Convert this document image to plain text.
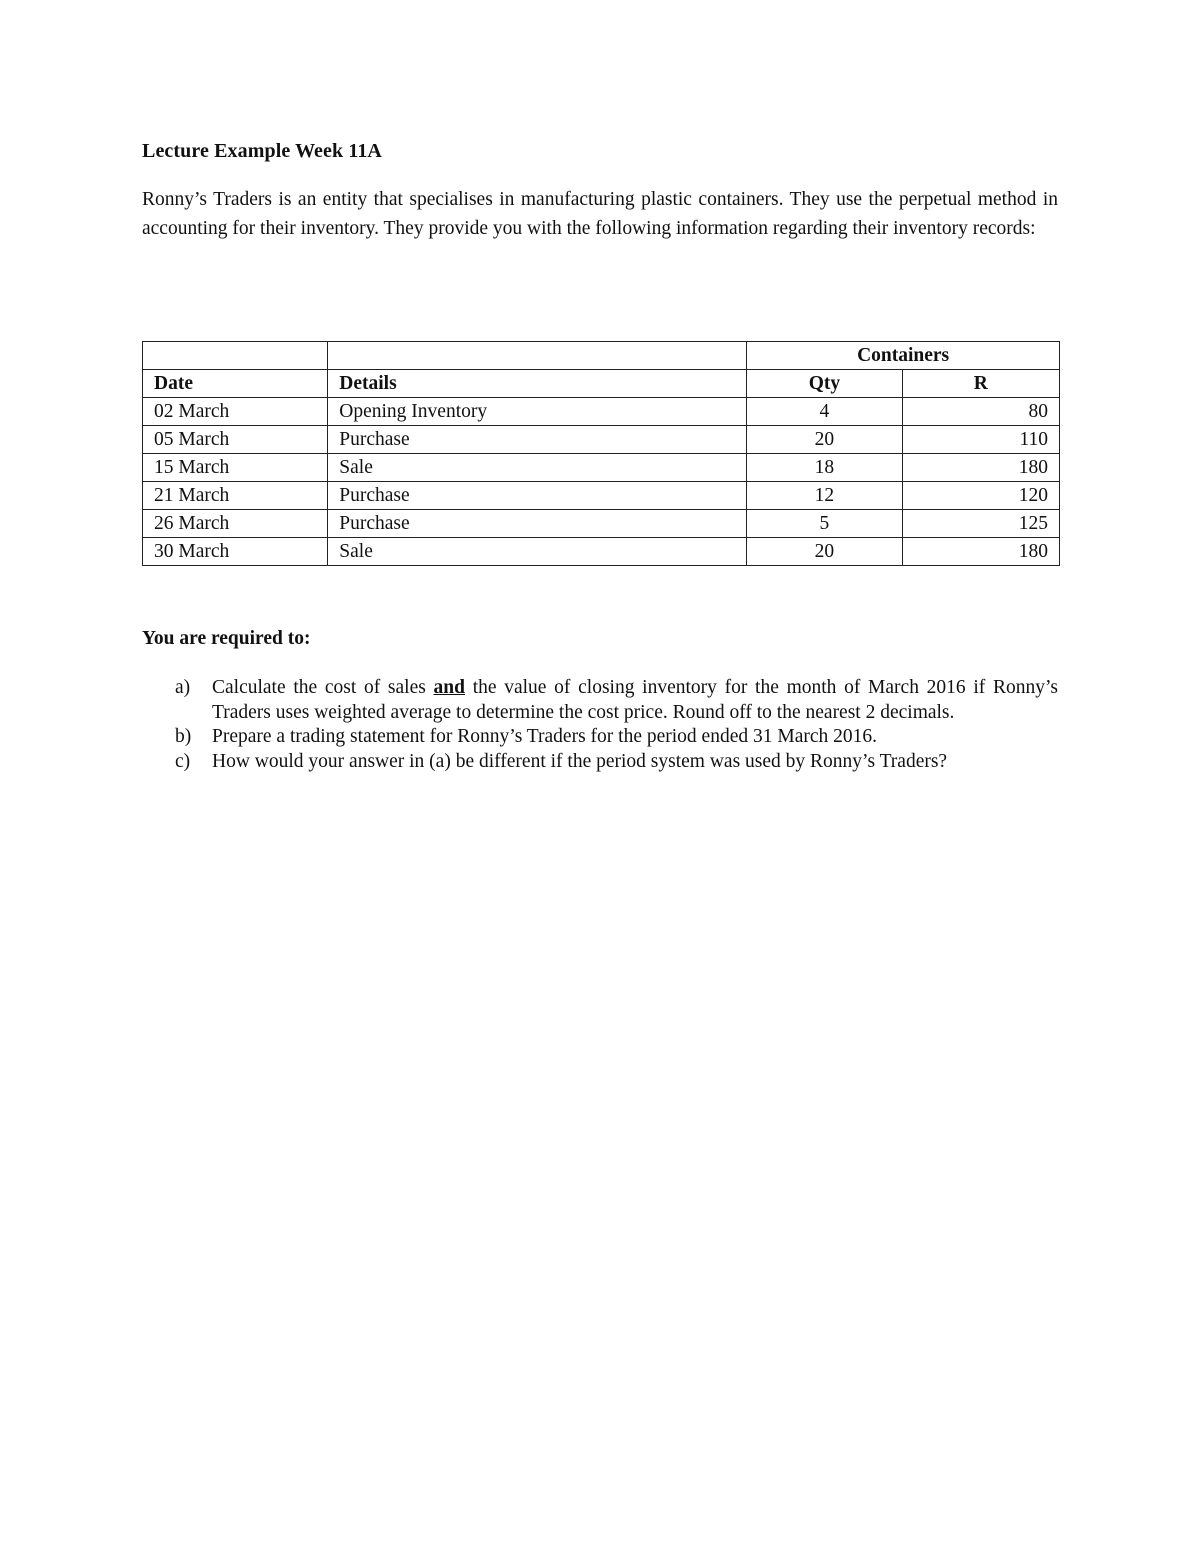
Lecture Example Week 11A

Ronny’s Traders is an entity that specialises in manufacturing plastic containers. They use the perpetual method in accounting for their inventory. They provide you with the following information regarding their inventory records:

		Containers	
Date	Details	Qty	R
02 March	Opening Inventory	4	80
05 March	Purchase	20	110
15 March	Sale	18	180
21 March	Purchase	12	120
26 March	Purchase	5	125
30 March	Sale	20	180

You are required to:

a) Calculate the cost of sales and the value of closing inventory for the month of March 2016 if Ronny’s Traders uses weighted average to determine the cost price. Round off to the nearest 2 decimals.
b) Prepare a trading statement for Ronny’s Traders for the period ended 31 March 2016.
c) How would your answer in (a) be different if the period system was used by Ronny’s Traders?
